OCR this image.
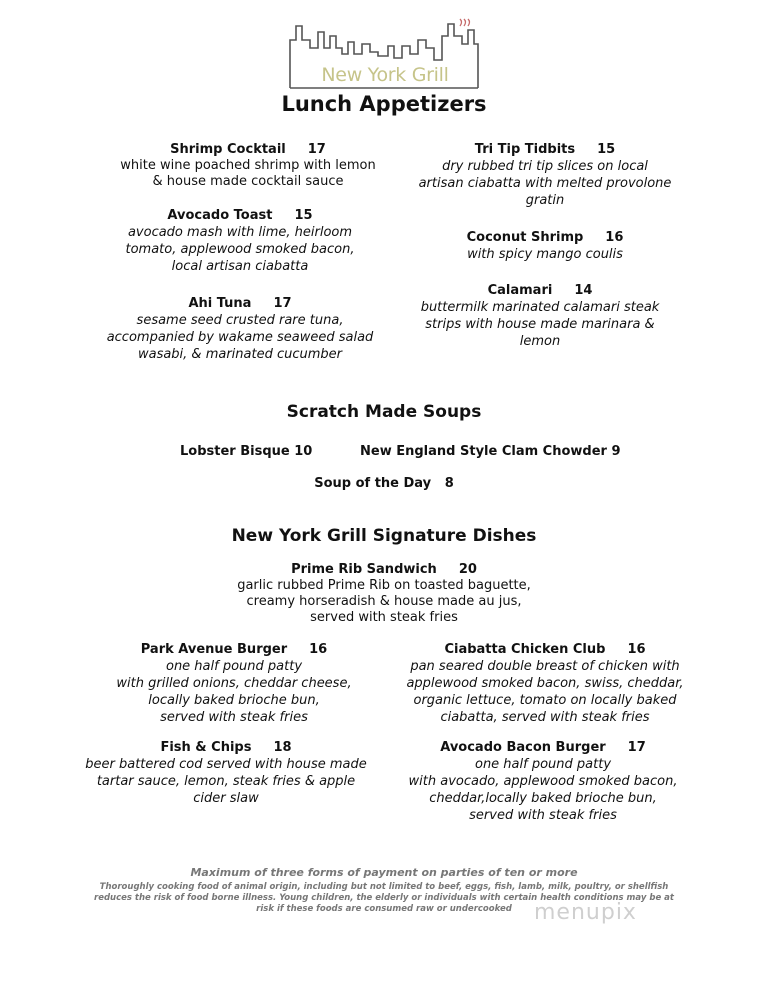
New York Grill
Lunch Appetizers
Shrimp Cocktail 17
white wine poached shrimp with lemon
& house made cocktail sauce
Avocado Toast 15
avocado mash with lime, heirloom
tomato, applewood smoked bacon,
local artisan ciabatta
Ahi Tuna 17
sesame seed crusted rare tuna,
accompanied by wakame seaweed salad
wasabi, & marinated cucumber
Tri Tip Tidbits 15
dry rubbed tri tip slices on local
artisan ciabatta with melted provolone
gratin
Coconut Shrimp 16
with spicy mango coulis
Calamari 14
buttermilk marinated calamari steak
strips with house made marinara &
lemon
Scratch Made Soups
Lobster Bisque 10	New England Style Clam Chowder 9
Soup of the Day   8
New York Grill Signature Dishes
Prime Rib Sandwich 20
garlic rubbed Prime Rib on toasted baguette,
creamy horseradish & house made au jus,
served with steak fries
Park Avenue Burger 16
one half pound patty
with grilled onions, cheddar cheese,
locally baked brioche bun,
served with steak fries
Fish & Chips 18
beer battered cod served with house made
tartar sauce, lemon, steak fries & apple
cider slaw
Ciabatta Chicken Club 16
pan seared double breast of chicken with
applewood smoked bacon, swiss, cheddar,
organic lettuce, tomato on locally baked
ciabatta, served with steak fries
Avocado Bacon Burger 17
one half pound patty
with avocado, applewood smoked bacon,
cheddar,locally baked brioche bun,
served with steak fries
Maximum of three forms of payment on parties of ten or more
Thoroughly cooking food of animal origin, including but not limited to beef, eggs, fish, lamb, milk, poultry, or shellfish
reduces the risk of food borne illness. Young children, the elderly or individuals with certain health conditions may be at
risk if these foods are consumed raw or undercooked	menupix
